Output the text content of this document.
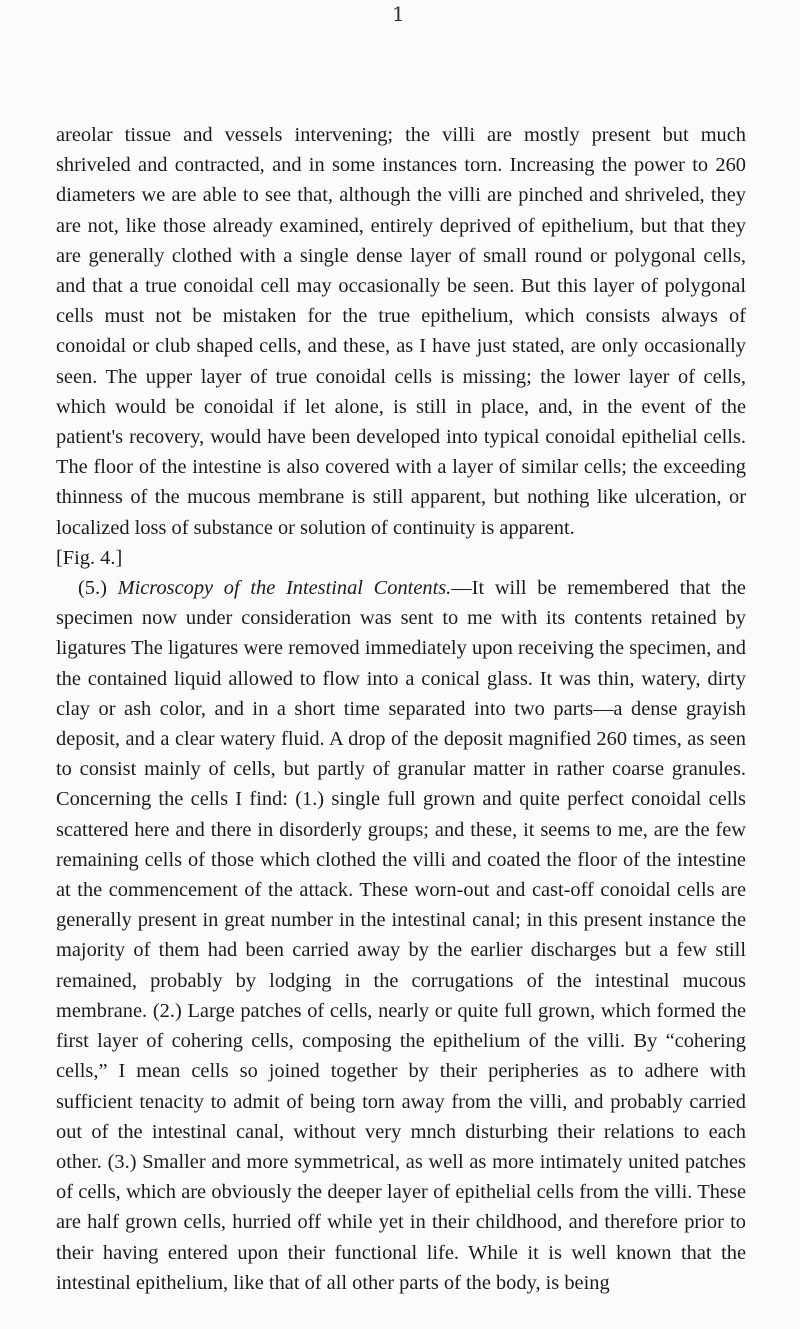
1

areolar tissue and vessels intervening; the villi are mostly present but much shriveled and contracted, and in some instances torn. Increasing the power to 260 diameters we are able to see that, although the villi are pinched and shriveled, they are not, like those already examined, entirely deprived of epithelium, but that they are generally clothed with a single dense layer of small round or polygonal cells, and that a true conoidal cell may occasionally be seen. But this layer of polygonal cells must not be mistaken for the true epithelium, which consists always of conoidal or club shaped cells, and these, as I have just stated, are only occasionally seen. The upper layer of true conoidal cells is missing; the lower layer of cells, which would be conoidal if let alone, is still in place, and, in the event of the patient's recovery, would have been developed into typical conoidal epithelial cells. The floor of the intestine is also covered with a layer of similar cells; the exceeding thinness of the mucous membrane is still apparent, but nothing like ulceration, or localized loss of substance or solution of continuity is apparent.
[Fig. 4.]

(5.) Microscopy of the Intestinal Contents.—It will be remembered that the specimen now under consideration was sent to me with its contents retained by ligatures The ligatures were removed immediately upon receiving the specimen, and the contained liquid allowed to flow into a conical glass. It was thin, watery, dirty clay or ash color, and in a short time separated into two parts—a dense grayish deposit, and a clear watery fluid. A drop of the deposit magnified 260 times, as seen to consist mainly of cells, but partly of granular matter in rather coarse granules. Concerning the cells I find: (1.) single full grown and quite perfect conoidal cells scattered here and there in disorderly groups; and these, it seems to me, are the few remaining cells of those which clothed the villi and coated the floor of the intestine at the commencement of the attack. These worn-out and cast-off conoidal cells are generally present in great number in the intestinal canal; in this present instance the majority of them had been carried away by the earlier discharges but a few still remained, probably by lodging in the corrugations of the intestinal mucous membrane. (2.) Large patches of cells, nearly or quite full grown, which formed the first layer of cohering cells, composing the epithelium of the villi. By “cohering cells,” I mean cells so joined together by their peripheries as to adhere with sufficient tenacity to admit of being torn away from the villi, and probably carried out of the intestinal canal, without very mnch disturbing their relations to each other. (3.) Smaller and more symmetrical, as well as more intimately united patches of cells, which are obviously the deeper layer of epithelial cells from the villi. These are half grown cells, hurried off while yet in their childhood, and therefore prior to their having entered upon their functional life. While it is well known that the intestinal epithelium, like that of all other parts of the body, is being
